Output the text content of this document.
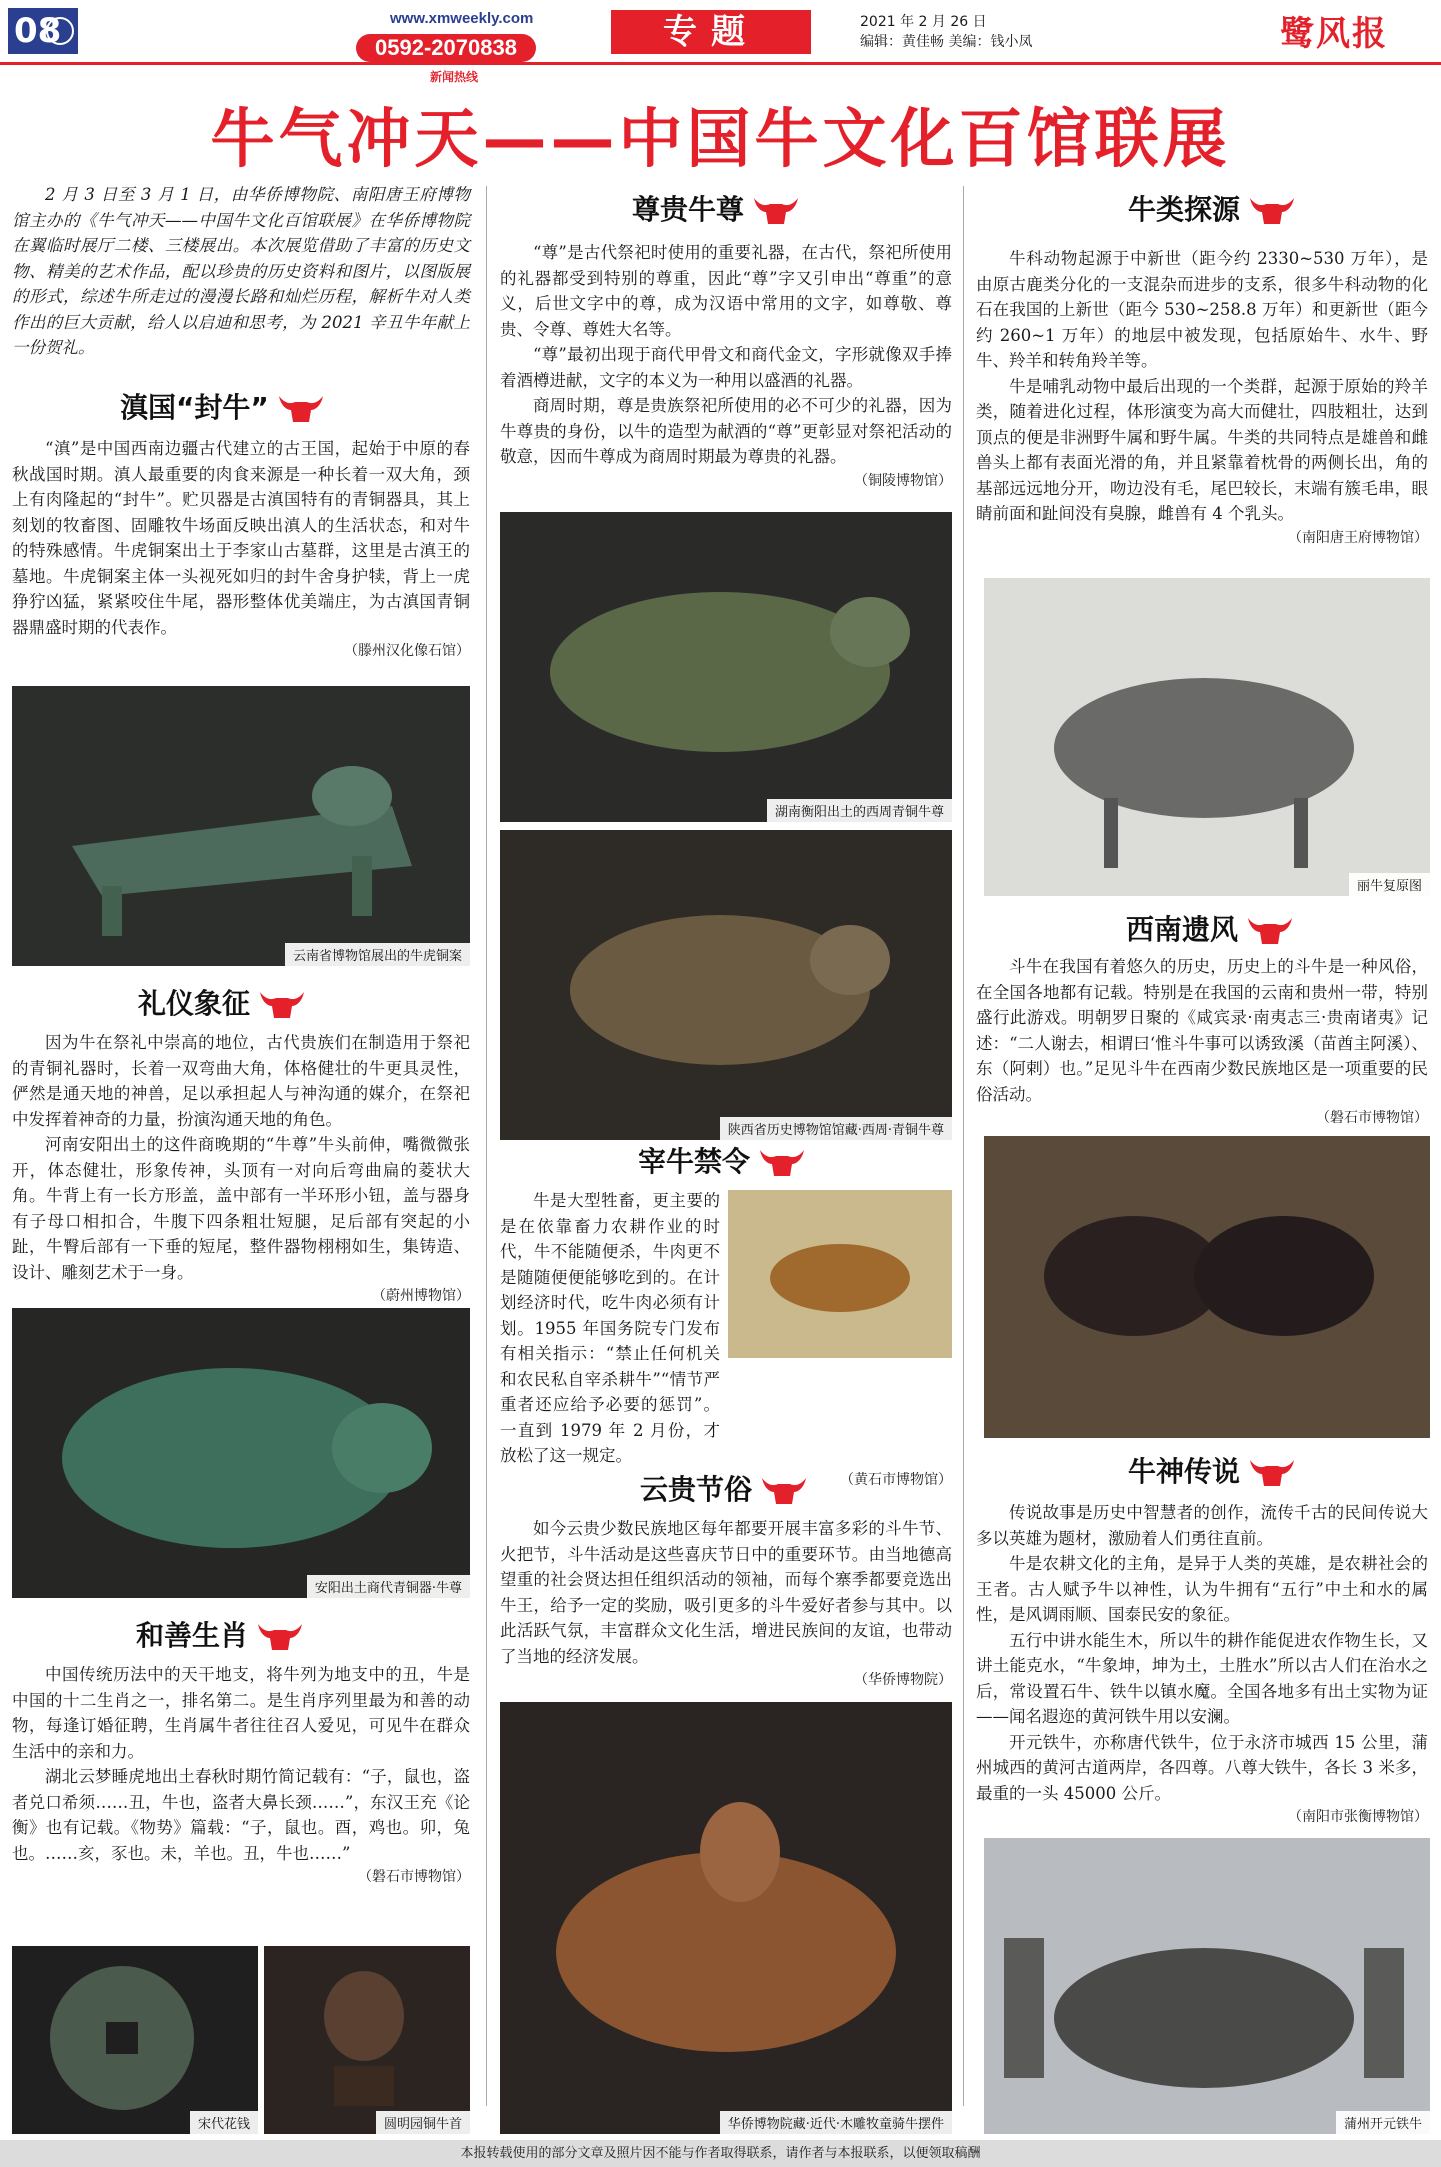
08	www.xmweekly.com
0592-2070838
新闻热线
专题	2021 年 2 月 26 日
编辑：黄佳畅 美编：钱小凤	鹭风报
牛气冲天——中国牛文化百馆联展

2 月 3 日至 3 月 1 日，由华侨博物院、南阳唐王府博物馆主办的《牛气冲天——中国牛文化百馆联展》在华侨博物院在翼临时展厅二楼、三楼展出。本次展览借助了丰富的历史文物、精美的艺术作品，配以珍贵的历史资料和图片，以图版展的形式，综述牛所走过的漫漫长路和灿烂历程，解析牛对人类作出的巨大贡献，给人以启迪和思考，为 2021 辛丑牛年献上一份贺礼。

滇国“封牛”

“滇”是中国西南边疆古代建立的古王国，起始于中原的春秋战国时期。滇人最重要的肉食来源是一种长着一双大角，颈上有肉隆起的“封牛”。贮贝器是古滇国特有的青铜器具，其上刻划的牧畜图、固雕牧牛场面反映出滇人的生活状态，和对牛的特殊感情。牛虎铜案出土于李家山古墓群，这里是古滇王的墓地。牛虎铜案主体一头视死如归的封牛舍身护犊，背上一虎狰狞凶猛，紧紧咬住牛尾，器形整体优美端庄，为古滇国青铜器鼎盛时期的代表作。

（滕州汉化像石馆）

云南省博物馆展出的牛虎铜案
礼仪象征

因为牛在祭礼中崇高的地位，古代贵族们在制造用于祭祀的青铜礼器时，长着一双弯曲大角，体格健壮的牛更具灵性，俨然是通天地的神兽，足以承担起人与神沟通的媒介，在祭祀中发挥着神奇的力量，扮演沟通天地的角色。

河南安阳出土的这件商晚期的“牛尊”牛头前伸，嘴微微张开，体态健壮，形象传神，头顶有一对向后弯曲扁的菱状大角。牛背上有一长方形盖，盖中部有一半环形小钮，盖与器身有子母口相扣合，牛腹下四条粗壮短腿，足后部有突起的小趾，牛臀后部有一下垂的短尾，整件器物栩栩如生，集铸造、设计、雕刻艺术于一身。

（蔚州博物馆）

安阳出土商代青铜器·牛尊
和善生肖

中国传统历法中的天干地支，将牛列为地支中的丑，牛是中国的十二生肖之一，排名第二。是生肖序列里最为和善的动物，每逢订婚征聘，生肖属牛者往往召人爱见，可见牛在群众生活中的亲和力。

湖北云梦睡虎地出土春秋时期竹简记载有：“子，鼠也，盗者兑口希须……丑，牛也，盗者大鼻长颈……”，东汉王充《论衡》也有记载。《物势》篇载：“子，鼠也。酉，鸡也。卯，兔也。……亥，豕也。未，羊也。丑，牛也……”

（磐石市博物馆）

宋代花钱	圆明园铜牛首
尊贵牛尊

“尊”是古代祭祀时使用的重要礼器，在古代，祭祀所使用的礼器都受到特别的尊重，因此“尊”字又引申出“尊重”的意义，后世文字中的尊，成为汉语中常用的文字，如尊敬、尊贵、令尊、尊姓大名等。

“尊”最初出现于商代甲骨文和商代金文，字形就像双手捧着酒樽进献，文字的本义为一种用以盛酒的礼器。

商周时期，尊是贵族祭祀所使用的必不可少的礼器，因为牛尊贵的身份，以牛的造型为献酒的“尊”更彰显对祭祀活动的敬意，因而牛尊成为商周时期最为尊贵的礼器。

（铜陵博物馆）

湖南衡阳出土的西周青铜牛尊
陕西省历史博物馆馆藏·西周·青铜牛尊
宰牛禁令

牛是大型牲畜，更主要的是在依靠畜力农耕作业的时代，牛不能随便杀，牛肉更不是随随便便能够吃到的。在计划经济时代，吃牛肉必须有计划。1955 年国务院专门发布有相关指示：“禁止任何机关和农民私自宰杀耕牛”“情节严重者还应给予必要的惩罚”。一直到 1979 年 2 月份，才放松了这一规定。

（黄石市博物馆）

云贵节俗

如今云贵少数民族地区每年都要开展丰富多彩的斗牛节、火把节，斗牛活动是这些喜庆节日中的重要环节。由当地德高望重的社会贤达担任组织活动的领袖，而每个寨季都要竞选出牛王，给予一定的奖励，吸引更多的斗牛爱好者参与其中。以此活跃气氛，丰富群众文化生活，增进民族间的友谊，也带动了当地的经济发展。

（华侨博物院）

华侨博物院藏·近代·木雕牧童骑牛摆件
牛类探源

牛科动物起源于中新世（距今约 2330~530 万年），是由原古鹿类分化的一支混杂而进步的支系，很多牛科动物的化石在我国的上新世（距今 530~258.8 万年）和更新世（距今约 260~1 万年）的地层中被发现，包括原始牛、水牛、野牛、羚羊和转角羚羊等。

牛是哺乳动物中最后出现的一个类群，起源于原始的羚羊类，随着进化过程，体形演变为高大而健壮，四肢粗壮，达到顶点的便是非洲野牛属和野牛属。牛类的共同特点是雄兽和雌兽头上都有表面光滑的角，并且紧靠着枕骨的两侧长出，角的基部远远地分开，吻边没有毛，尾巴较长，末端有簇毛串，眼睛前面和趾间没有臭腺，雌兽有 4 个乳头。

（南阳唐王府博物馆）

丽牛复原图
西南遗风

斗牛在我国有着悠久的历史，历史上的斗牛是一种风俗，在全国各地都有记载。特别是在我国的云南和贵州一带，特别盛行此游戏。明朝罗日聚的《咸宾录·南夷志三·贵南诸夷》记述：“二人谢去，相谓曰‘惟斗牛事可以诱致溪（苗酋主阿溪）、东（阿剌）也。”足见斗牛在西南少数民族地区是一项重要的民俗活动。

（磐石市博物馆）

牛神传说

传说故事是历史中智慧者的创作，流传千古的民间传说大多以英雄为题材，激励着人们勇往直前。

牛是农耕文化的主角，是异于人类的英雄，是农耕社会的王者。古人赋予牛以神性，认为牛拥有“五行”中土和水的属性，是风调雨顺、国泰民安的象征。

五行中讲水能生木，所以牛的耕作能促进农作物生长，又讲土能克水，“牛象坤，坤为土，土胜水”所以古人们在治水之后，常设置石牛、铁牛以镇水魔。全国各地多有出土实物为证——闻名遐迩的黄河铁牛用以安澜。

开元铁牛，亦称唐代铁牛，位于永济市城西 15 公里，蒲州城西的黄河古道两岸，各四尊。八尊大铁牛，各长 3 米多，最重的一头 45000 公斤。

（南阳市张衡博物馆）

蒲州开元铁牛
本报转载使用的部分文章及照片因不能与作者取得联系，请作者与本报联系，以便领取稿酬
